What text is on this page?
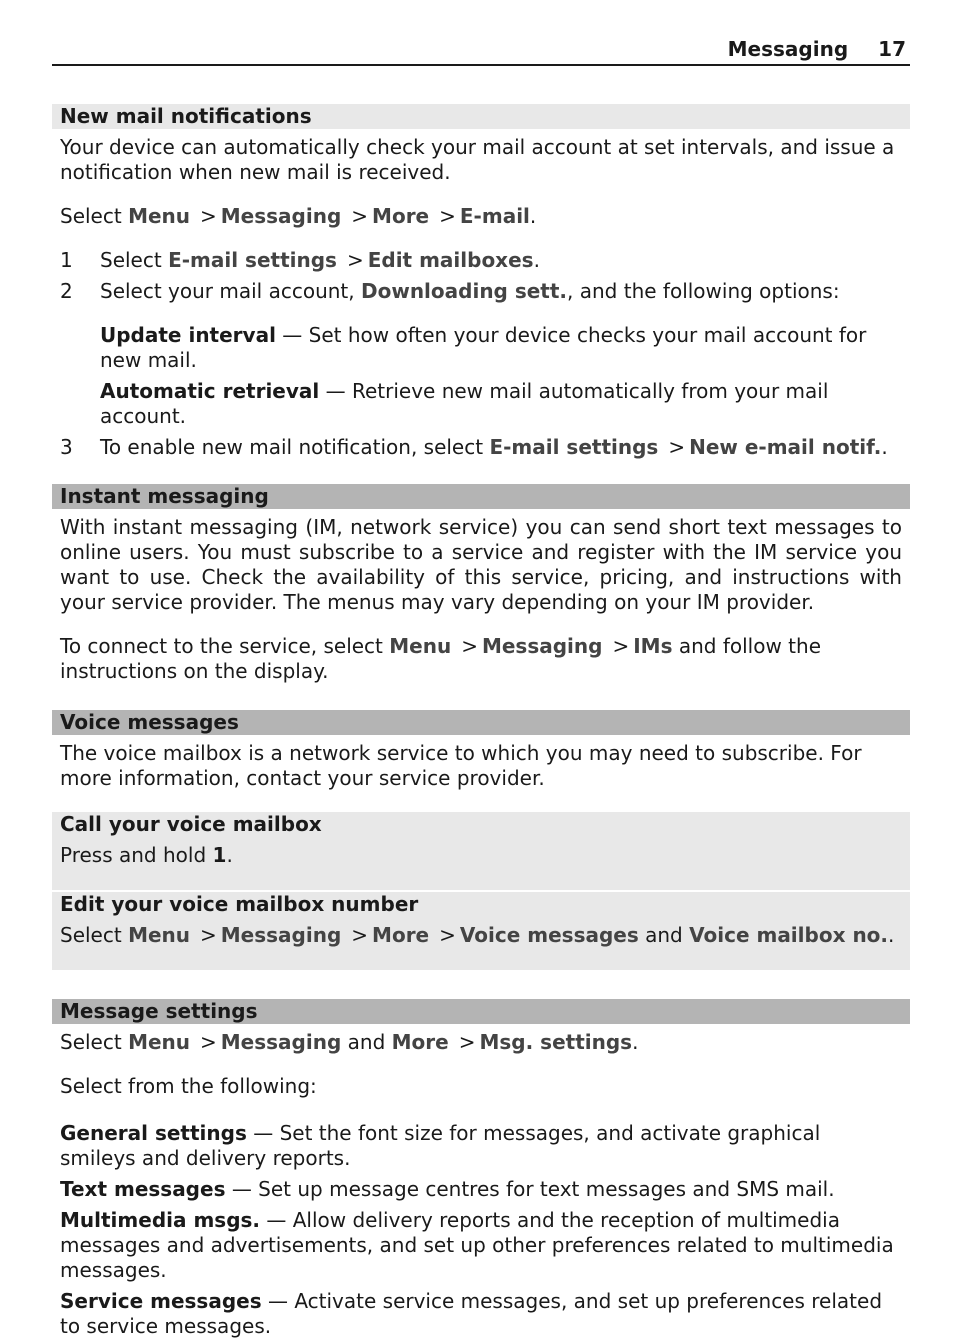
Messaging 17
New mail notifications
Your device can automatically check your mail account at set intervals, and issue a notification when new mail is received.
Select Menu > Messaging > More > E-mail.
1	Select E-mail settings > Edit mailboxes.
2	Select your mail account, Downloading sett., and the following options:
Update interval — Set how often your device checks your mail account for new mail.
Automatic retrieval — Retrieve new mail automatically from your mail account.
3	To enable new mail notification, select E-mail settings > New e-mail notif..
Instant messaging
With instant messaging (IM, network service) you can send short text messages to online users. You must subscribe to a service and register with the IM service you want to use. Check the availability of this service, pricing, and instructions with your service provider. The menus may vary depending on your IM provider.
To connect to the service, select Menu > Messaging > IMs and follow the instructions on the display.
Voice messages
The voice mailbox is a network service to which you may need to subscribe. For more information, contact your service provider.
Call your voice mailbox
Press and hold 1.
Edit your voice mailbox number
Select Menu > Messaging > More > Voice messages and Voice mailbox no..
Message settings
Select Menu > Messaging and More > Msg. settings.
Select from the following:
General settings — Set the font size for messages, and activate graphical smileys and delivery reports.
Text messages — Set up message centres for text messages and SMS mail.
Multimedia msgs. — Allow delivery reports and the reception of multimedia messages and advertisements, and set up other preferences related to multimedia messages.
Service messages — Activate service messages, and set up preferences related to service messages.
